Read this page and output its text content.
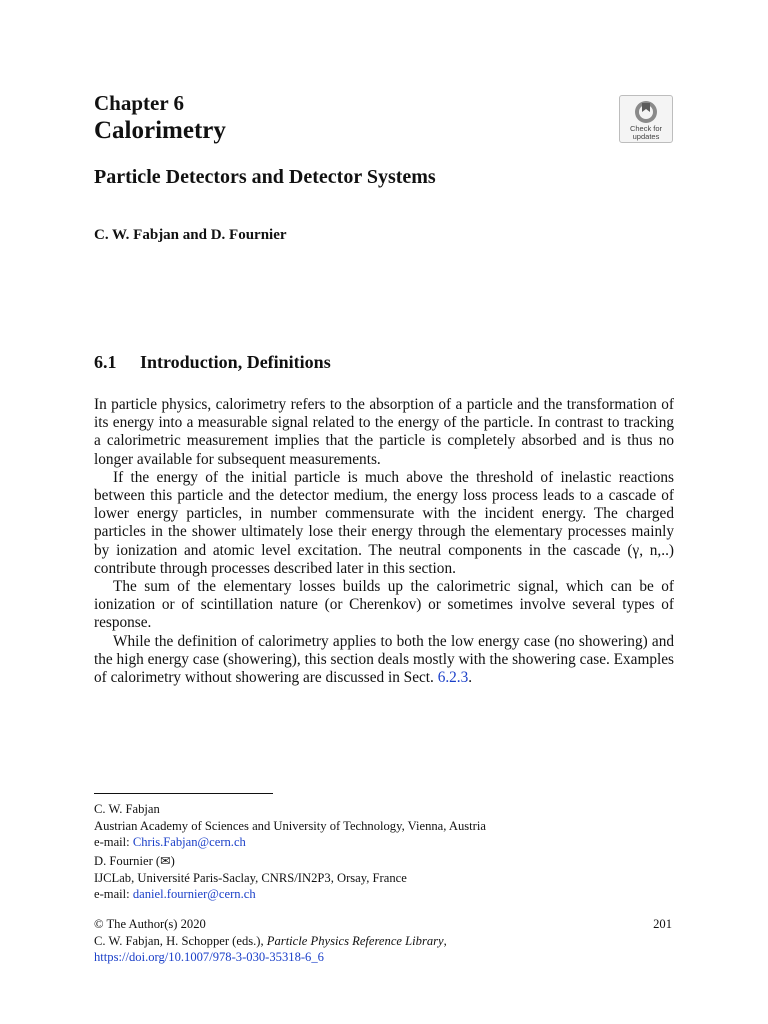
Chapter 6
Calorimetry	Check for
updates
Particle Detectors and Detector Systems
C. W. Fabjan and D. Fournier
6.1 Introduction, Definitions

In particle physics, calorimetry refers to the absorption of a particle and the transformation of its energy into a measurable signal related to the energy of the particle. In contrast to tracking a calorimetric measurement implies that the particle is completely absorbed and is thus no longer available for subsequent measurements.

If the energy of the initial particle is much above the threshold of inelastic reactions between this particle and the detector medium, the energy loss process leads to a cascade of lower energy particles, in number commensurate with the incident energy. The charged particles in the shower ultimately lose their energy through the elementary processes mainly by ionization and atomic level excitation. The neutral components in the cascade (γ, n,..) contribute through processes described later in this section.

The sum of the elementary losses builds up the calorimetric signal, which can be of ionization or of scintillation nature (or Cherenkov) or sometimes involve several types of response.

While the definition of calorimetry applies to both the low energy case (no showering) and the high energy case (showering), this section deals mostly with the showering case. Examples of calorimetry without showering are discussed in Sect. 6.2.3.

C. W. Fabjan
Austrian Academy of Sciences and University of Technology, Vienna, Austria
e-mail: Chris.Fabjan@cern.ch
D. Fournier (✉)
IJCLab, Université Paris-Saclay, CNRS/IN2P3, Orsay, France
e-mail: daniel.fournier@cern.ch
© The Author(s) 2020
C. W. Fabjan, H. Schopper (eds.), Particle Physics Reference Library,
https://doi.org/10.1007/978-3-030-35318-6_6
201
